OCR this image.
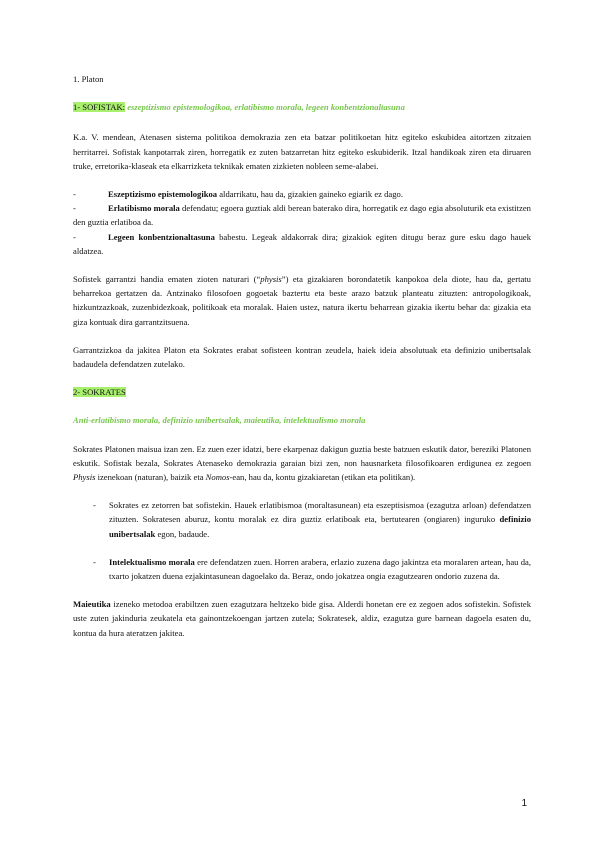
1. Platon

1- SOFISTAK: eszeptizismo epistemologikoa, erlatibismo morala, legeen konbentzionaltasuna

K.a. V. mendean, Atenasen sistema politikoa demokrazia zen eta batzar politikoetan hitz egiteko eskubidea aitortzen zitzaien herritarrei. Sofistak kanpotarrak ziren, horregatik ez zuten batzarretan hitz egiteko eskubiderik. Itzal handikoak ziren eta diruaren truke, erretorika-klaseak eta elkarrizketa teknikak ematen zizkieten nobleen seme-alabei.

-	Eszeptizismo epistemologikoa aldarrikatu, hau da, gizakien gaineko egiarik ez dago.

-	Erlatibismo morala defendatu; egoera guztiak aldi berean baterako dira, horregatik ez dago egia absoluturik eta existitzen den guztia erlatiboa da.

-	Legeen konbentzionaltasuna babestu. Legeak aldakorrak dira; gizakiok egiten ditugu beraz gure esku dago hauek aldatzea.

Sofistek garrantzi handia ematen zioten naturari (“physis”) eta gizakiaren borondatetik kanpokoa dela diote, hau da, gertatu beharrekoa gertatzen da. Antzinako filosofoen gogoetak baztertu eta beste arazo batzuk planteatu zituzten: antropologikoak, hizkuntzazkoak, zuzenbidezkoak, politikoak eta moralak. Haien ustez, natura ikertu beharrean gizakia ikertu behar da: gizakia eta giza kontuak dira garrantzitsuena.

Garrantzizkoa da jakitea Platon eta Sokrates erabat sofisteen kontran zeudela, haiek ideia absolutuak eta definizio unibertsalak badaudela defendatzen zutelako.

2- SOKRATES

Anti-erlatibismo morala, definizio unibertsalak, maieutika, intelektualismo morala

Sokrates Platonen maisua izan zen. Ez zuen ezer idatzi, bere ekarpenaz dakigun guztia beste batzuen eskutik dator, bereziki Platonen eskutik. Sofistak bezala, Sokrates Atenaseko demokrazia garaian bizi zen, non hausnarketa filosofikoaren erdigunea ez zegoen Physis izenekoan (naturan), baizik eta Nomos-ean, hau da, kontu gizakiaretan (etikan eta politikan).

- Sokrates ez zetorren bat sofistekin. Hauek erlatibismoa (moraltasunean) eta eszeptisismoa (ezagutza arloan) defendatzen zituzten. Sokratesen aburuz, kontu moralak ez dira guztiz erlatiboak eta, bertutearen (ongiaren) inguruko definizio unibertsalak egon, badaude.
- Intelektualismo morala ere defendatzen zuen. Horren arabera, erlazio zuzena dago jakintza eta moralaren artean, hau da, txarto jokatzen duena ezjakintasunean dagoelako da. Beraz, ondo jokatzea ongia ezagutzearen ondorio zuzena da.

Maieutika izeneko metodoa erabiltzen zuen ezagutzara heltzeko bide gisa. Alderdi honetan ere ez zegoen ados sofistekin. Sofistek uste zuten jakinduria zeukatela eta gainontzekoengan jartzen zutela; Sokratesek, aldiz, ezagutza gure barnean dagoela esaten du, kontua da hura ateratzen jakitea.

1
